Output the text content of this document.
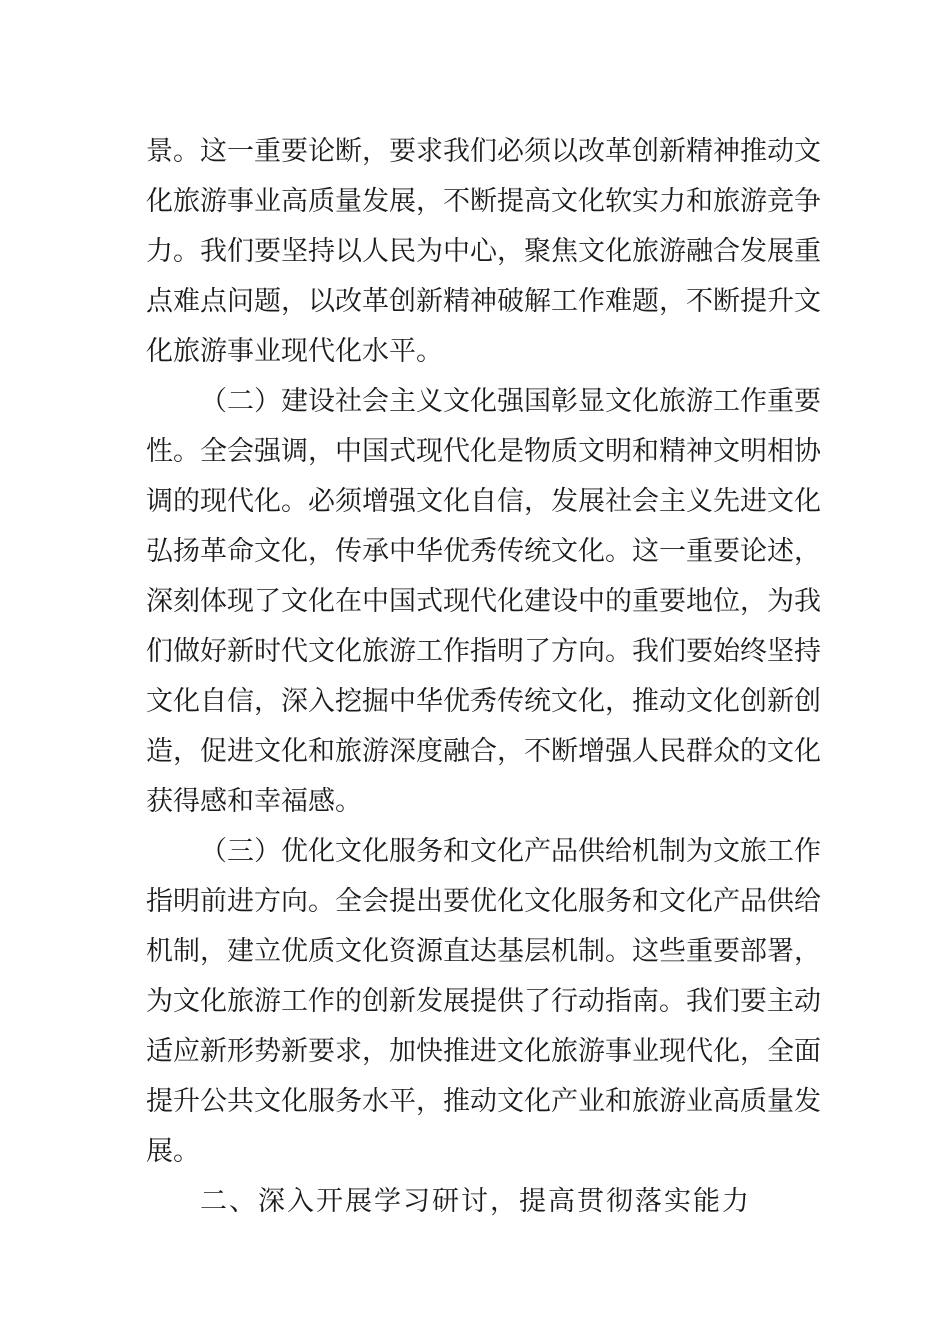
景。这一重要论断，要求我们必须以改革创新精神推动文
化旅游事业高质量发展，不断提高文化软实力和旅游竞争
力。我们要坚持以人民为中心，聚焦文化旅游融合发展重
点难点问题，以改革创新精神破解工作难题，不断提升文
化旅游事业现代化水平。
（二）建设社会主义文化强国彰显文化旅游工作重要
性。全会强调，中国式现代化是物质文明和精神文明相协
调的现代化。必须增强文化自信，发展社会主义先进文化
弘扬革命文化，传承中华优秀传统文化。这一重要论述，
深刻体现了文化在中国式现代化建设中的重要地位，为我
们做好新时代文化旅游工作指明了方向。我们要始终坚持
文化自信，深入挖掘中华优秀传统文化，推动文化创新创
造，促进文化和旅游深度融合，不断增强人民群众的文化
获得感和幸福感。
（三）优化文化服务和文化产品供给机制为文旅工作
指明前进方向。全会提出要优化文化服务和文化产品供给
机制，建立优质文化资源直达基层机制。这些重要部署，
为文化旅游工作的创新发展提供了行动指南。我们要主动
适应新形势新要求，加快推进文化旅游事业现代化，全面
提升公共文化服务水平，推动文化产业和旅游业高质量发
展。
二、深入开展学习研讨，提高贯彻落实能力
